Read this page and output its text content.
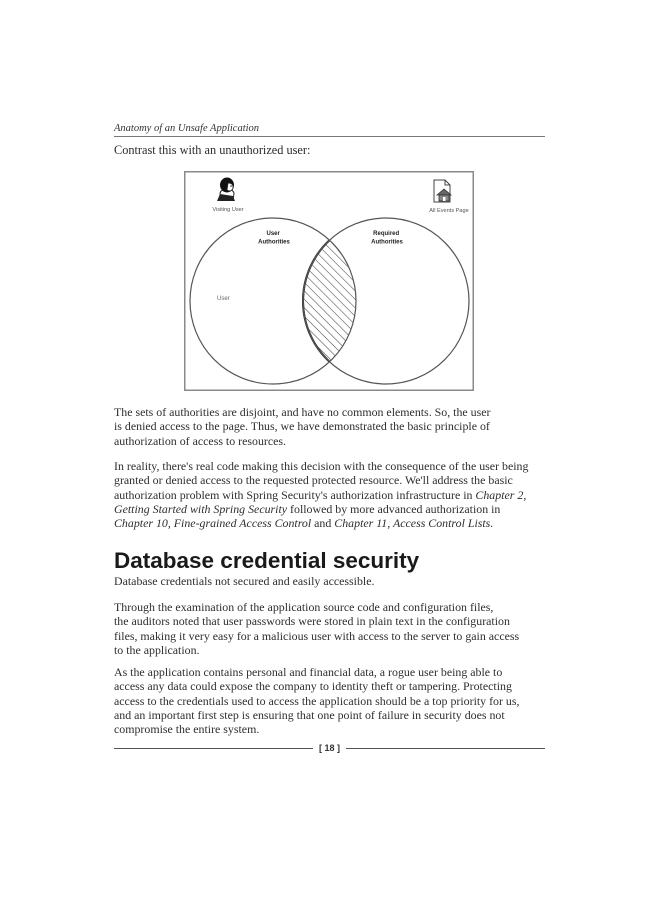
Anatomy of an Unsafe Application
Contrast this with an unauthorized user:
Visiting User	All Events Page
User Authorities
Required Authorities
User

The sets of authorities are disjoint, and have no common elements. So, the user
is denied access to the page. Thus, we have demonstrated the basic principle of
authorization of access to resources.

In reality, there's real code making this decision with the consequence of the user being
granted or denied access to the requested protected resource. We'll address the basic
authorization problem with Spring Security's authorization infrastructure in Chapter 2,
Getting Started with Spring Security followed by more advanced authorization in
Chapter 10, Fine-grained Access Control and Chapter 11, Access Control Lists.

Database credential security

Database credentials not secured and easily accessible.

Through the examination of the application source code and configuration files,
the auditors noted that user passwords were stored in plain text in the configuration
files, making it very easy for a malicious user with access to the server to gain access
to the application.

As the application contains personal and financial data, a rogue user being able to
access any data could expose the company to identity theft or tampering. Protecting
access to the credentials used to access the application should be a top priority for us,
and an important first step is ensuring that one point of failure in security does not
compromise the entire system.

[ 18 ]
